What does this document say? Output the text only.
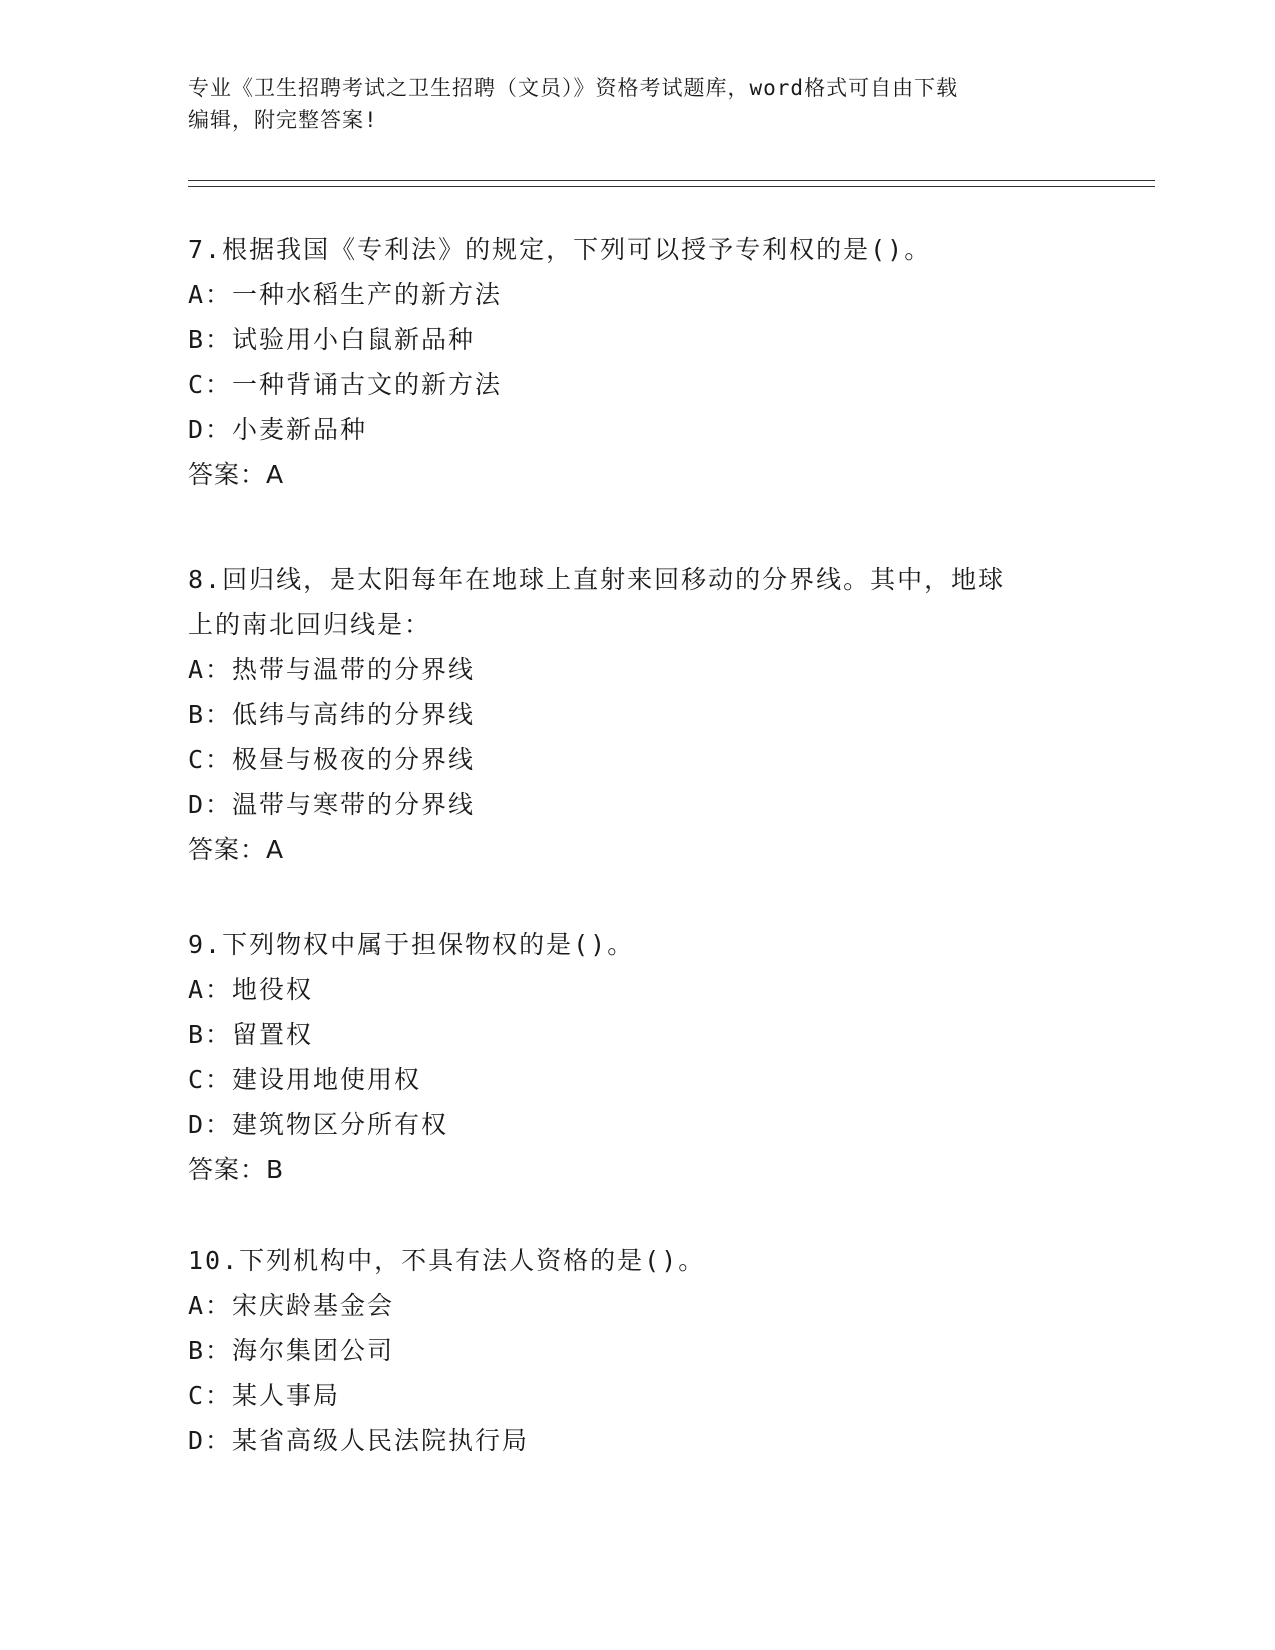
专业《卫生招聘考试之卫生招聘（文员）》资格考试题库，word格式可自由下载
编辑，附完整答案!
7.根据我国《专利法》的规定，下列可以授予专利权的是()。
A：一种水稻生产的新方法
B：试验用小白鼠新品种
C：一种背诵古文的新方法
D：小麦新品种
答案：A
8.回归线，是太阳每年在地球上直射来回移动的分界线。其中，地球
上的南北回归线是：
A：热带与温带的分界线
B：低纬与高纬的分界线
C：极昼与极夜的分界线
D：温带与寒带的分界线
答案：A
9.下列物权中属于担保物权的是()。
A：地役权
B：留置权
C：建设用地使用权
D：建筑物区分所有权
答案：B
10.下列机构中，不具有法人资格的是()。
A：宋庆龄基金会
B：海尔集团公司
C：某人事局
D：某省高级人民法院执行局
